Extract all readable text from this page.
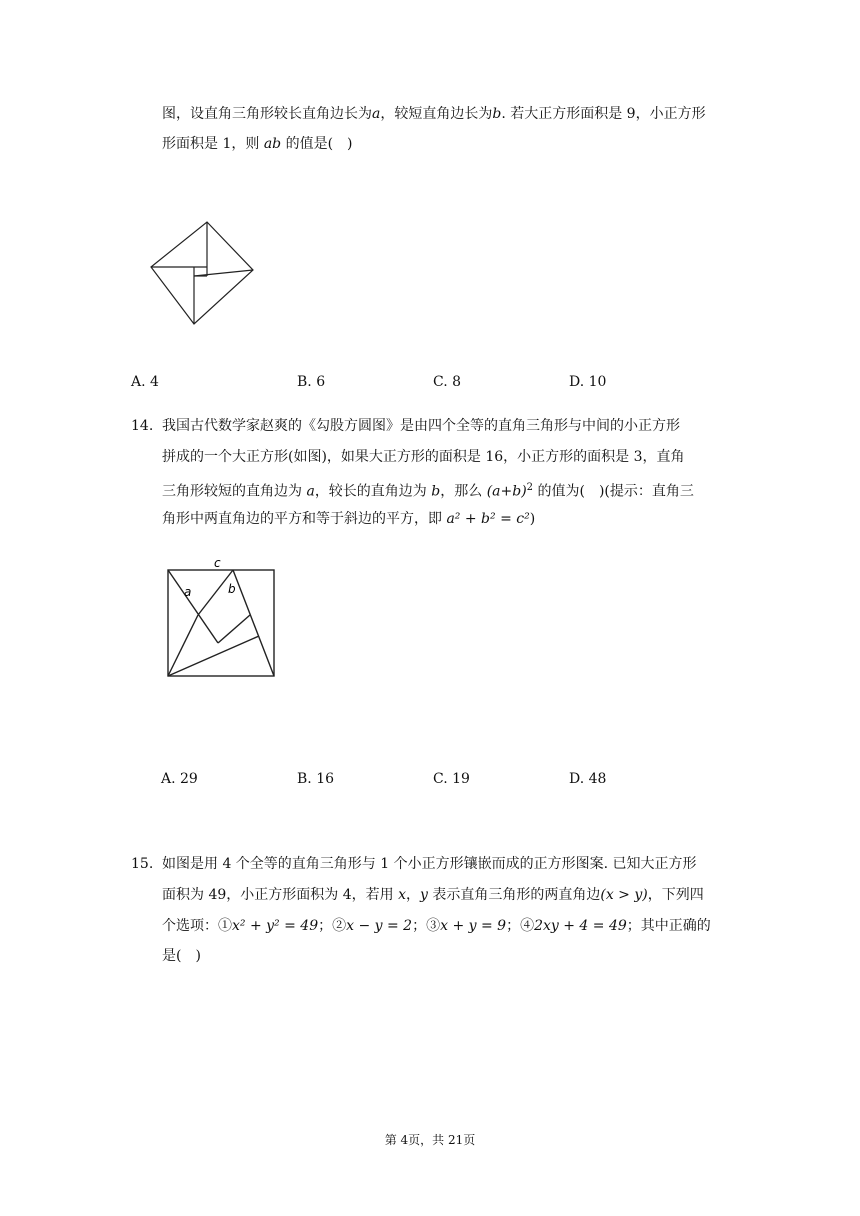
图，设直角三角形较长直角边长为a，较短直角边长为b. 若大正方形面积是 9，小正方形
形面积是 1，则 ab 的值是(　)
A. 4	B. 6	C. 8	D. 10
14. 我国古代数学家赵爽的《勾股方圆图》是由四个全等的直角三角形与中间的小正方形
拼成的一个大正方形(如图)，如果大正方形的面积是 16，小正方形的面积是 3，直角
三角形较短的直角边为 a，较长的直角边为 b，那么 $(a+b)^2$ 的值为(　)(提示：直角三
角形中两直角边的平方和等于斜边的平方，即 a² + b² = c²)
c
a	b
A. 29	B. 16	C. 19	D. 48
15. 如图是用 4 个全等的直角三角形与 1 个小正方形镶嵌而成的正方形图案. 已知大正方形
面积为 49，小正方形面积为 4，若用 x，y 表示直角三角形的两直角边(x > y)，下列四
个选项：①x² + y² = 49；②x − y = 2；③x + y = 9；④2xy + 4 = 49；其中正确的
是(　)
第 4页，共 21页
